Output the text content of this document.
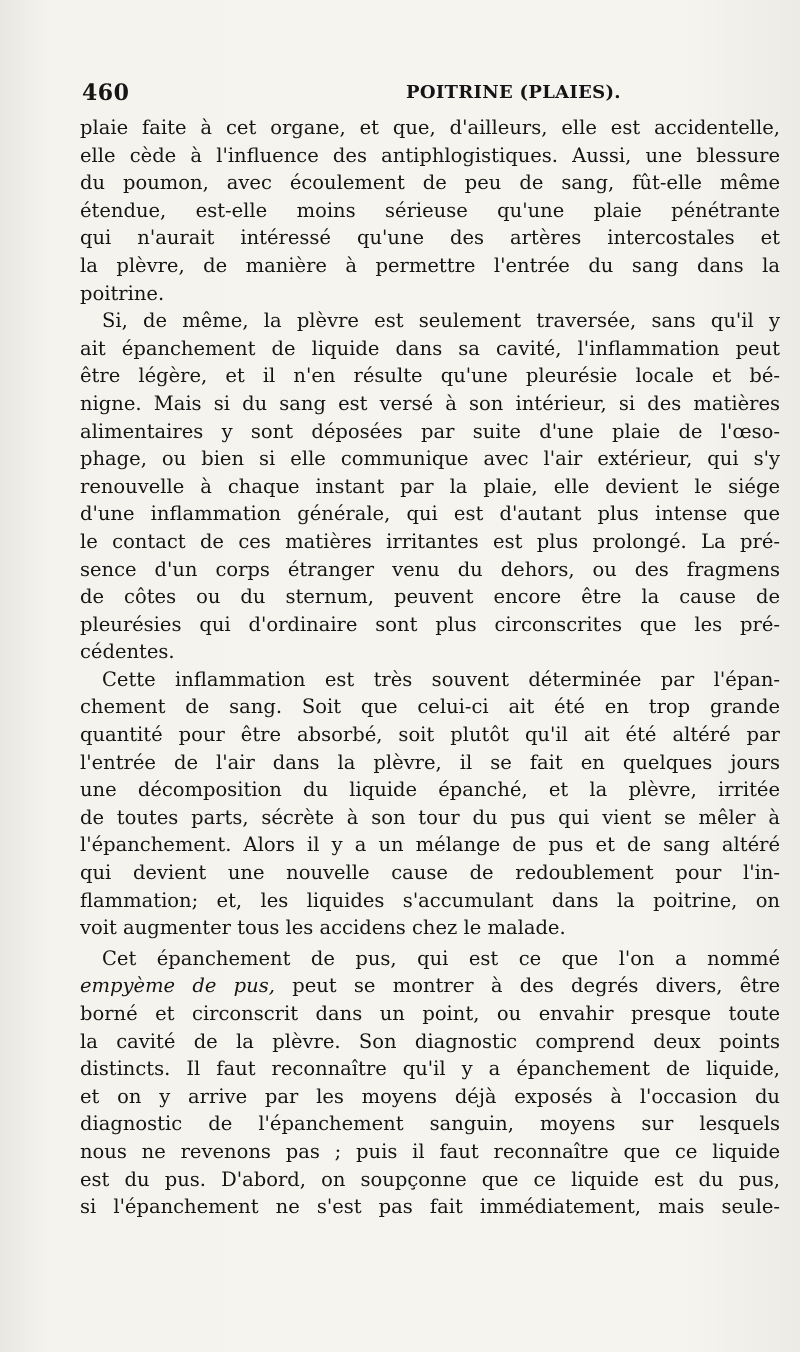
460	POITRINE (PLAIES).
plaie faite à cet organe, et que, d'ailleurs, elle est accidentelle,
elle cède à l'influence des antiphlogistiques. Aussi, une blessure
du poumon, avec écoulement de peu de sang, fût-elle même
étendue, est-elle moins sérieuse qu'une plaie pénétrante
qui n'aurait intéressé qu'une des artères intercostales et
la plèvre, de manière à permettre l'entrée du sang dans la
poitrine.
Si, de même, la plèvre est seulement traversée, sans qu'il y
ait épanchement de liquide dans sa cavité, l'inflammation peut
être légère, et il n'en résulte qu'une pleurésie locale et bé-
nigne. Mais si du sang est versé à son intérieur, si des matières
alimentaires y sont déposées par suite d'une plaie de l'œso-
phage, ou bien si elle communique avec l'air extérieur, qui s'y
renouvelle à chaque instant par la plaie, elle devient le siége
d'une inflammation générale, qui est d'autant plus intense que
le contact de ces matières irritantes est plus prolongé. La pré-
sence d'un corps étranger venu du dehors, ou des fragmens
de côtes ou du sternum, peuvent encore être la cause de
pleurésies qui d'ordinaire sont plus circonscrites que les pré-
cédentes.
Cette inflammation est très souvent déterminée par l'épan-
chement de sang. Soit que celui-ci ait été en trop grande
quantité pour être absorbé, soit plutôt qu'il ait été altéré par
l'entrée de l'air dans la plèvre, il se fait en quelques jours
une décomposition du liquide épanché, et la plèvre, irritée
de toutes parts, sécrète à son tour du pus qui vient se mêler à
l'épanchement. Alors il y a un mélange de pus et de sang altéré
qui devient une nouvelle cause de redoublement pour l'in-
flammation; et, les liquides s'accumulant dans la poitrine, on
voit augmenter tous les accidens chez le malade.
Cet épanchement de pus, qui est ce que l'on a nommé
empyème de pus, peut se montrer à des degrés divers, être
borné et circonscrit dans un point, ou envahir presque toute
la cavité de la plèvre. Son diagnostic comprend deux points
distincts. Il faut reconnaître qu'il y a épanchement de liquide,
et on y arrive par les moyens déjà exposés à l'occasion du
diagnostic de l'épanchement sanguin, moyens sur lesquels
nous ne revenons pas ; puis il faut reconnaître que ce liquide
est du pus. D'abord, on soupçonne que ce liquide est du pus,
si l'épanchement ne s'est pas fait immédiatement, mais seule-
